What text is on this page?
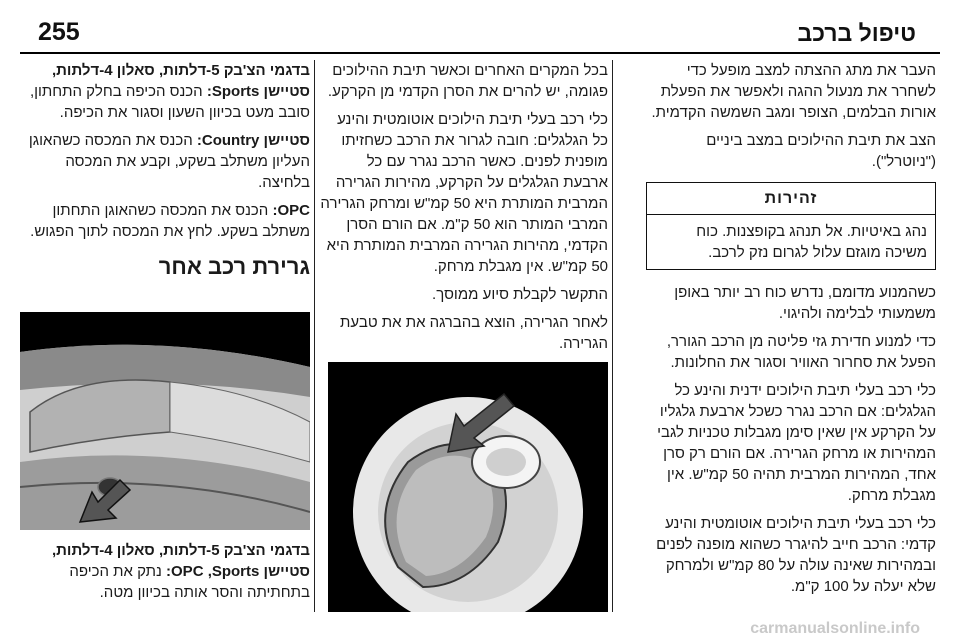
255	טיפול ברכב

העבר את מתג ההצתה למצב מופעל כדי לשחרר את מנעול ההגה ולאפשר את הפעלת אורות הבלמים, הצופר ומגב השמשה הקדמית.

הצב את תיבת ההילוכים במצב ביניים ("ניוטרל").

זהירות
נהג באיטיות. אל תנהג בקופצנות. כוח משיכה מוגזם עלול לגרום נזק לרכב.

כשהמנוע מדומם, נדרש כוח רב יותר באופן משמעותי לבלימה ולהיגוי.

כדי למנוע חדירת גזי פליטה מן הרכב הגורר, הפעל את סחרור האוויר וסגור את החלונות.

כלי רכב בעלי תיבת הילוכים ידנית והינע כל הגלגלים: אם הרכב נגרר כשכל ארבעת גלגליו על הקרקע אין שאין סימן מגבלות טכניות לגבי המהירות או מרחק הגרירה. אם הורם רק סרן אחד, המהירות המרבית תהיה 50 קמ"ש. אין מגבלת מרחק.

כלי רכב בעלי תיבת הילוכים אוטומטית והינע קדמי: הרכב חייב להיגרר כשהוא מופנה לפנים ובמהירות שאינה עולה על 80 קמ"ש ולמרחק שלא יעלה על 100 ק"מ.

בכל המקרים האחרים וכאשר תיבת ההילוכים פגומה, יש להרים את הסרן הקדמי מן הקרקע.

כלי רכב בעלי תיבת הילוכים אוטומטית והינע כל הגלגלים: חובה לגרור את הרכב כשחזיתו מופנית לפנים. כאשר הרכב נגרר עם כל ארבעת הגלגלים על הקרקע, מהירות הגרירה המרבית המותרת היא 50 קמ"ש ומרחק הגרירה המרבי המותר הוא 50 ק"מ. אם הורם הסרן הקדמי, מהירות הגרירה המרבית המותרת היא 50 קמ"ש. אין מגבלת מרחק.

התקשר לקבלת סיוע ממוסך.

לאחר הגרירה, הוצא בהברגה את את טבעת הגרירה.

בדגמי הצ'בק 5-דלתות, סאלון 4-דלתות, סטיישן Sports: הכנס הכיפה בחלק התחתון, סובב מעט בכיוון השעון וסגור את הכיפה.

סטיישן Country: הכנס את המכסה כשהאוגן העליון משתלב בשקע, וקבע את המכסה בלחיצה.

OPC: הכנס את המכסה כשהאוגן התחתון משתלב בשקע. לחץ את המכסה לתוך הפגוש.

גרירת רכב אחר

בדגמי הצ'בק 5-דלתות, סאלון 4-דלתות, סטיישן OPC ,Sports: נתק את הכיפה בתחתיתה והסר אותה בכיוון מטה.

carmanualsonline.info
